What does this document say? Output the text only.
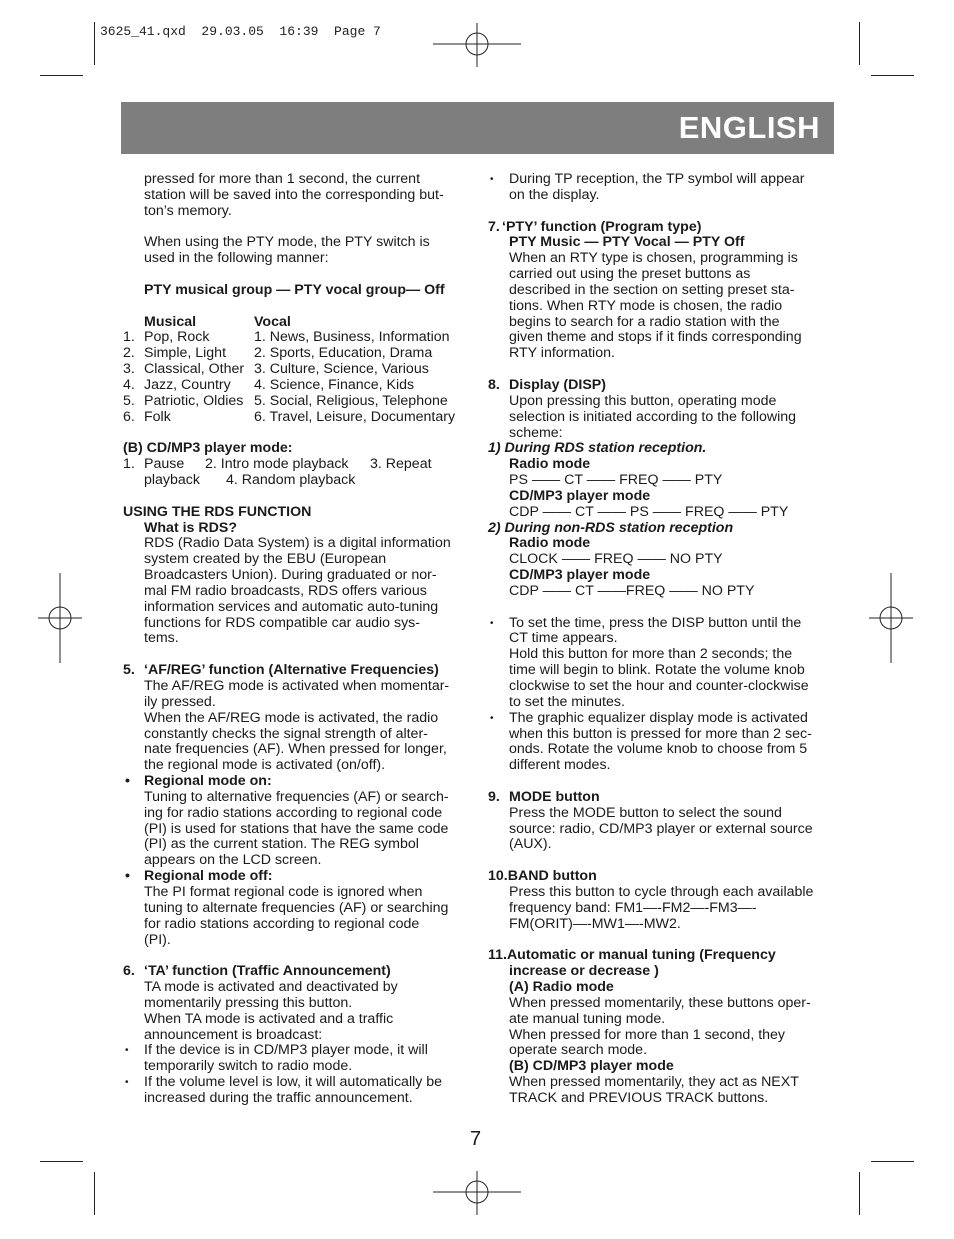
3625_41.qxd  29.03.05  16:39  Page 7
ENGLISH
pressed for more than 1 second, the current
station will be saved into the corresponding but-
ton’s memory.
When using the PTY mode, the PTY switch is
used in the following manner:
PTY musical group — PTY vocal group— Off
Musical	Vocal
1. Pop, Rock	1. News, Business, Information
2. Simple, Light 2. Sports, Education, Drama
3. Classical, Other 3. Culture, Science, Various
4. Jazz, Country 4. Science, Finance, Kids
5. Patriotic, Oldies 5. Social, Religious, Telephone
6. Folk	6. Travel, Leisure, Documentary
(B) CD/MP3 player mode:
1. Pause 2. Intro mode playback 3. Repeat
playback 4. Random playback
USING THE RDS FUNCTION
What is RDS?
RDS (Radio Data System) is a digital information
system created by the EBU (European
Broadcasters Union). During graduated or nor-
mal FM radio broadcasts, RDS offers various
information services and automatic auto-tuning
functions for RDS compatible car audio sys-
tems.
5. ‘AF/REG’ function (Alternative Frequencies)
The AF/REG mode is activated when momentar-
ily pressed.
When the AF/REG mode is activated, the radio
constantly checks the signal strength of alter-
nate frequencies (AF). When pressed for longer,
the regional mode is activated (on/off).
• Regional mode on:
Tuning to alternative frequencies (AF) or search-
ing for radio stations according to regional code
(PI) is used for stations that have the same code
(PI) as the current station. The REG symbol
appears on the LCD screen.
• Regional mode off:
The PI format regional code is ignored when
tuning to alternate frequencies (AF) or searching
for radio stations according to regional code
(PI).
6. ‘TA’ function (Traffic Announcement)
TA mode is activated and deactivated by
momentarily pressing this button.
When TA mode is activated and a traffic
announcement is broadcast:
• If the device is in CD/MP3 player mode, it will
temporarily switch to radio mode.
• If the volume level is low, it will automatically be
increased during the traffic announcement.
• During TP reception, the TP symbol will appear
on the display.
7. ‘PTY’ function (Program type)
PTY Music — PTY Vocal — PTY Off
When an RTY type is chosen, programming is
carried out using the preset buttons as
described in the section on setting preset sta-
tions. When RTY mode is chosen, the radio
begins to search for a radio station with the
given theme and stops if it finds corresponding
RTY information.
8. Display (DISP)
Upon pressing this button, operating mode
selection is initiated according to the following
scheme:
1) During RDS station reception.
Radio mode
PS —— CT —— FREQ —— PTY
CD/MP3 player mode
CDP —— CT —— PS —— FREQ —— PTY
2) During non-RDS station reception
Radio mode
CLOCK —— FREQ —— NO PTY
CD/MP3 player mode
CDP —— CT ——FREQ —— NO PTY
• To set the time, press the DISP button until the
CT time appears.
Hold this button for more than 2 seconds; the
time will begin to blink. Rotate the volume knob
clockwise to set the hour and counter-clockwise
to set the minutes.
• The graphic equalizer display mode is activated
when this button is pressed for more than 2 sec-
onds. Rotate the volume knob to choose from 5
different modes.
9. MODE button
Press the MODE button to select the sound
source: radio, CD/MP3 player or external source
(AUX).
10.BAND button
Press this button to cycle through each available
frequency band: FM1—-FM2—-FM3—-
FM(ORIT)—-MW1—-MW2.
11.Automatic or manual tuning (Frequency
increase or decrease )
(A) Radio mode
When pressed momentarily, these buttons oper-
ate manual tuning mode.
When pressed for more than 1 second, they
operate search mode.
(B) CD/MP3 player mode
When pressed momentarily, they act as NEXT
TRACK and PREVIOUS TRACK buttons.
7
